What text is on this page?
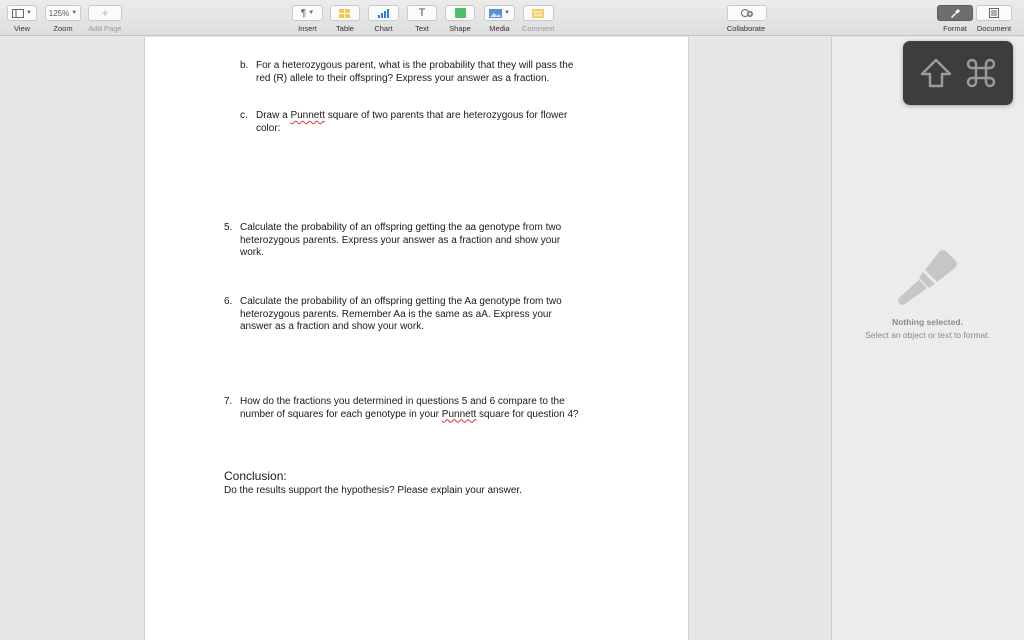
▼
View
125% ▼
Zoom
+
Add Page
¶ ▼
Insert	Table	Chart
T
Text	Shape
▼
Media Comment	Collaborate	Format Document
b. For a heterozygous parent, what is the probability that they will pass the
red (R) allele to their offspring? Express your answer as a fraction.
c. Draw a Punnett square of two parents that are heterozygous for flower
color:
5. Calculate the probability of an offspring getting the aa genotype from two
heterozygous parents. Express your answer as a fraction and show your
work.
6. Calculate the probability of an offspring getting the Aa genotype from two
heterozygous parents. Remember Aa is the same as aA. Express your
answer as a fraction and show your work.
7. How do the fractions you determined in questions 5 and 6 compare to the
number of squares for each genotype in your Punnett square for question 4?
Conclusion:
Do the results support the hypothesis? Please explain your answer.
Nothing selected.
Select an object or text to format.
